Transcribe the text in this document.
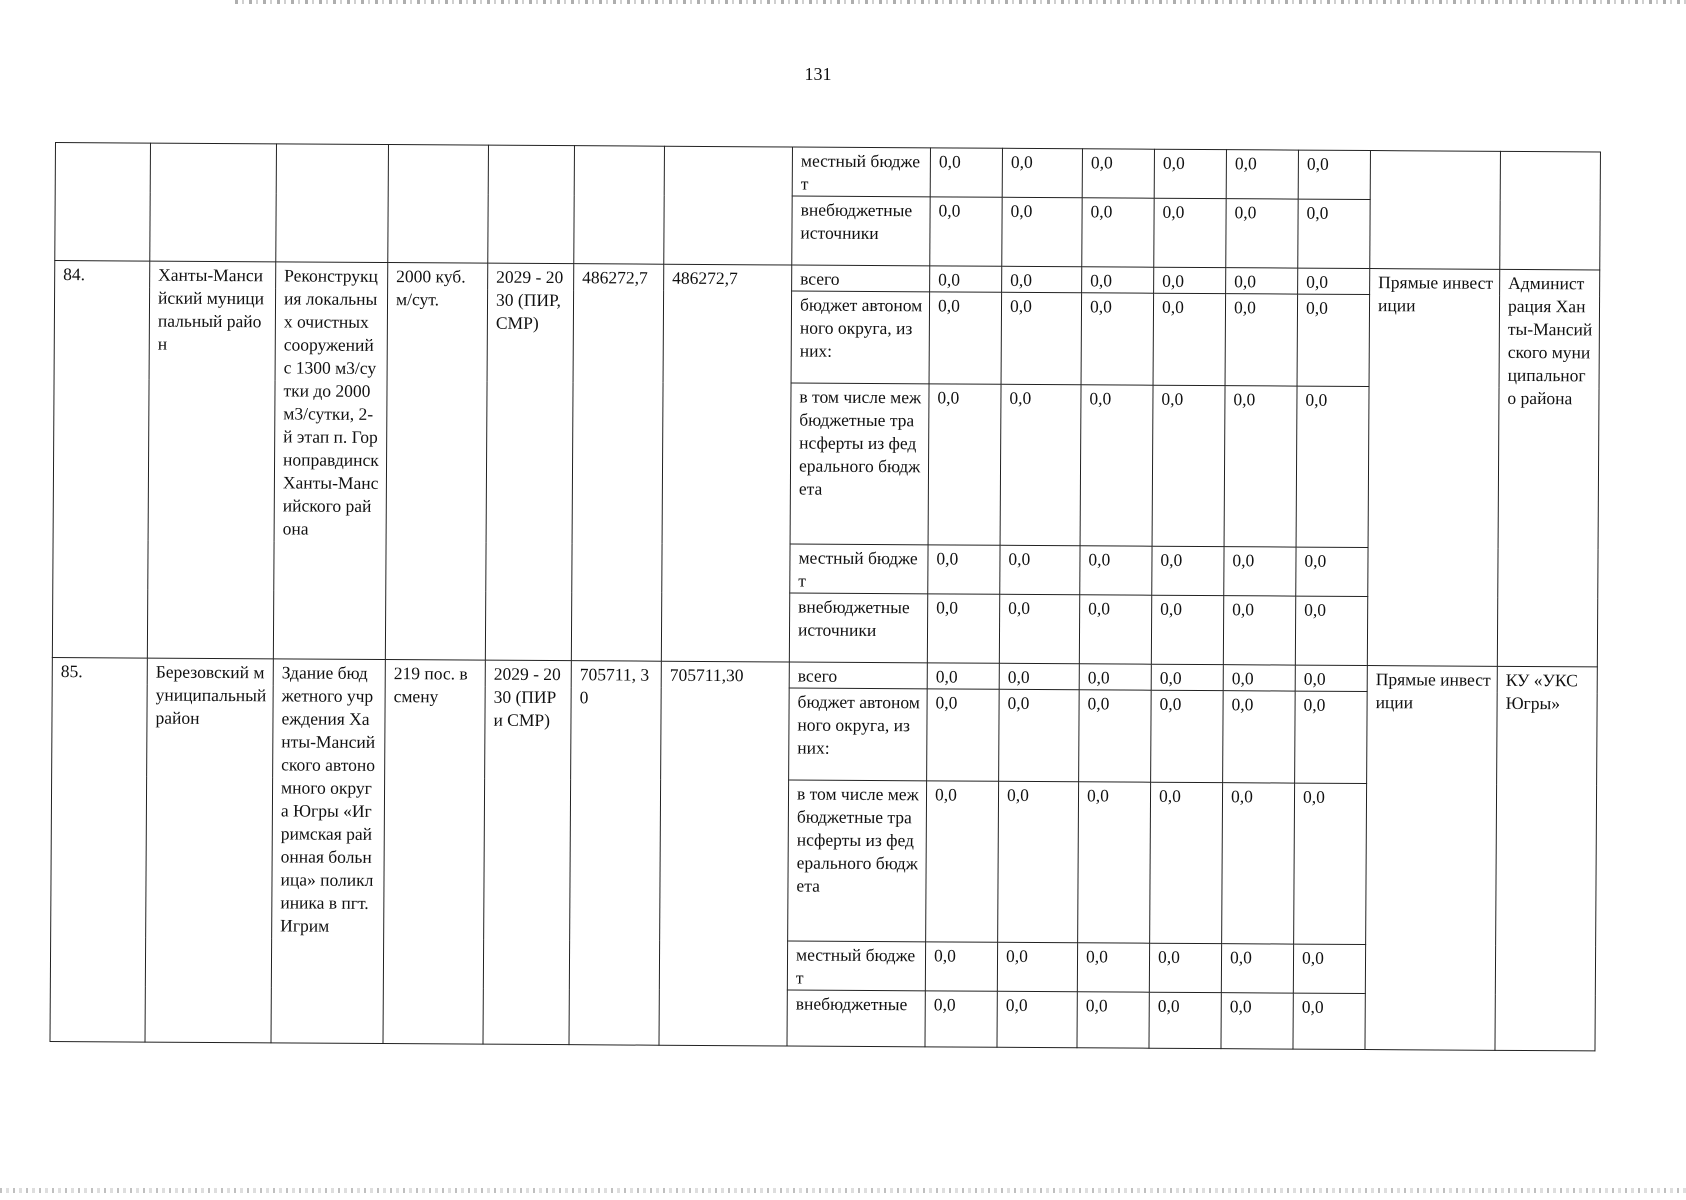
131
							местный бюджет	0,0	0,0	0,0	0,0	0,0	0,0		
							внебюджетные источники	0,0	0,0	0,0	0,0	0,0	0,0		
84.	Ханты-Мансийский муниципальный район	Реконструкция локальных очистных сооружений с 1300 м3/сутки до 2000 м3/сутки, 2-й этап п. Горноправдинск Ханты-Мансийского района	2000 куб. м/сут.	2029 - 2030 (ПИР, СМР)	486272,7	486272,7	всего	0,0	0,0	0,0	0,0	0,0	0,0	Прямые инвестиции	Администрация Ханты-Мансийского муниципального района
							бюджет автономного округа, из них:	0,0	0,0	0,0	0,0	0,0	0,0		
							в том числе межбюджетные трансферты из федерального бюджета	0,0	0,0	0,0	0,0	0,0	0,0		
							местный бюджет	0,0	0,0	0,0	0,0	0,0	0,0		
							внебюджетные источники	0,0	0,0	0,0	0,0	0,0	0,0		
85.	Березовский муниципальный район	Здание бюджетного учреждения Ханты-Мансийского автономного округа Югры «Игримская районная больница» поликлиника в пгт. Игрим	219 пос. в смену	2029 - 2030 (ПИР и СМР)	705711, 30	705711,30	всего	0,0	0,0	0,0	0,0	0,0	0,0	Прямые инвестиции	КУ «УКС Югры»
							бюджет автономного округа, из них:	0,0	0,0	0,0	0,0	0,0	0,0		
							в том числе межбюджетные трансферты из федерального бюджета	0,0	0,0	0,0	0,0	0,0	0,0		
							местный бюджет	0,0	0,0	0,0	0,0	0,0	0,0		
							внебюджетные	0,0	0,0	0,0	0,0	0,0	0,0		
